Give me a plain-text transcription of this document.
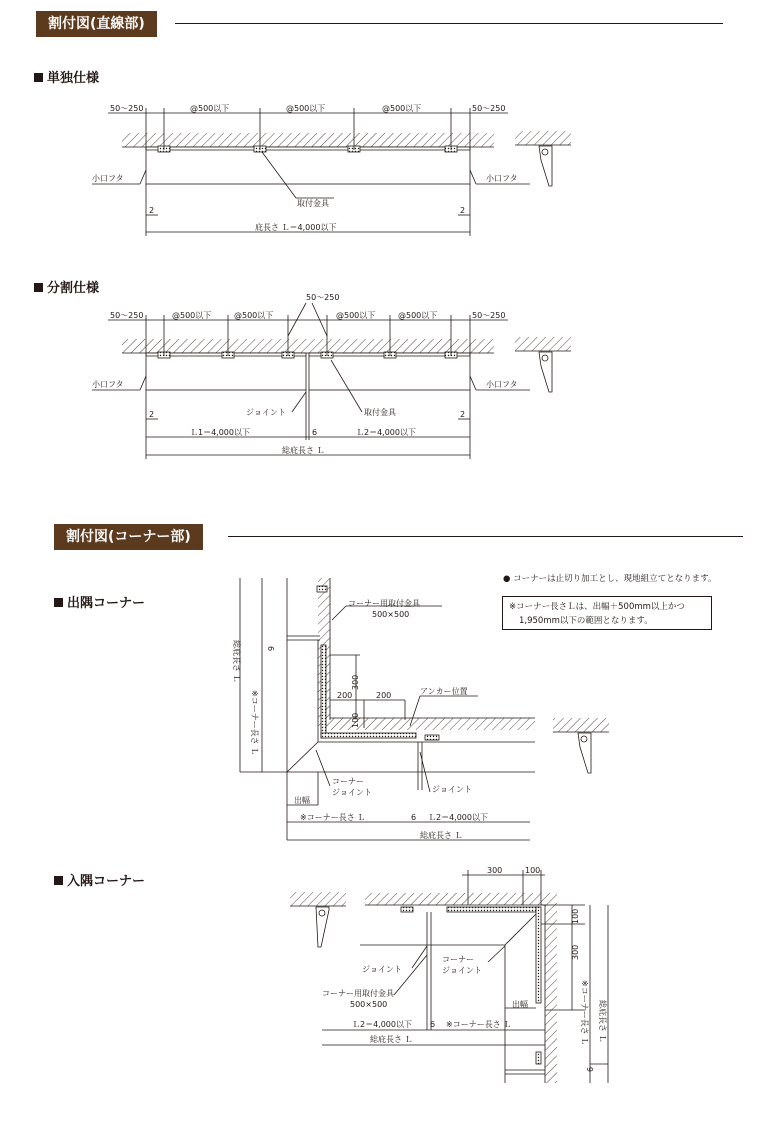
割付図(直線部)
単独仕様
分割仕様
割付図(コーナー部)
出隅コーナー
入隅コーナー
● コーナーは止切り加工とし、現地組立てとなります。
※コーナー長さＬは、出幅＋500mm以上かつ
1,950mm以下の範囲となります。
50～250	@500以下	@500以下	@500以下	50～250
小口フタ	小口フタ
取付金具
2	2
庇長さ Ｌ＝4,000以下
50～250
50～250	@500以下	@500以下	@500以下	@500以下	50～250
小口フタ	小口フタ
ジョイント	取付金具
2	2
Ｌ1＝4,000以下	6	Ｌ2＝4,000以下
総庇長さ Ｌ
コーナー用取付金具
500×500
300
200	200
100
6
アンカー位置
コーナー
ジョイント	ジョイント
出幅
※コーナー長さ Ｌ	6 Ｌ2＝4,000以下
総庇長さ Ｌ
総庇長さ Ｌ
※コーナー長さ Ｌ
300	100
100
300
ジョイント
コーナー
ジョイント
コーナー用取付金具
500×500	出幅
Ｌ2＝4,000以下 6 ※コーナー長さ Ｌ
総庇長さ Ｌ	※コーナー長さ Ｌ 総庇長さ Ｌ
6
